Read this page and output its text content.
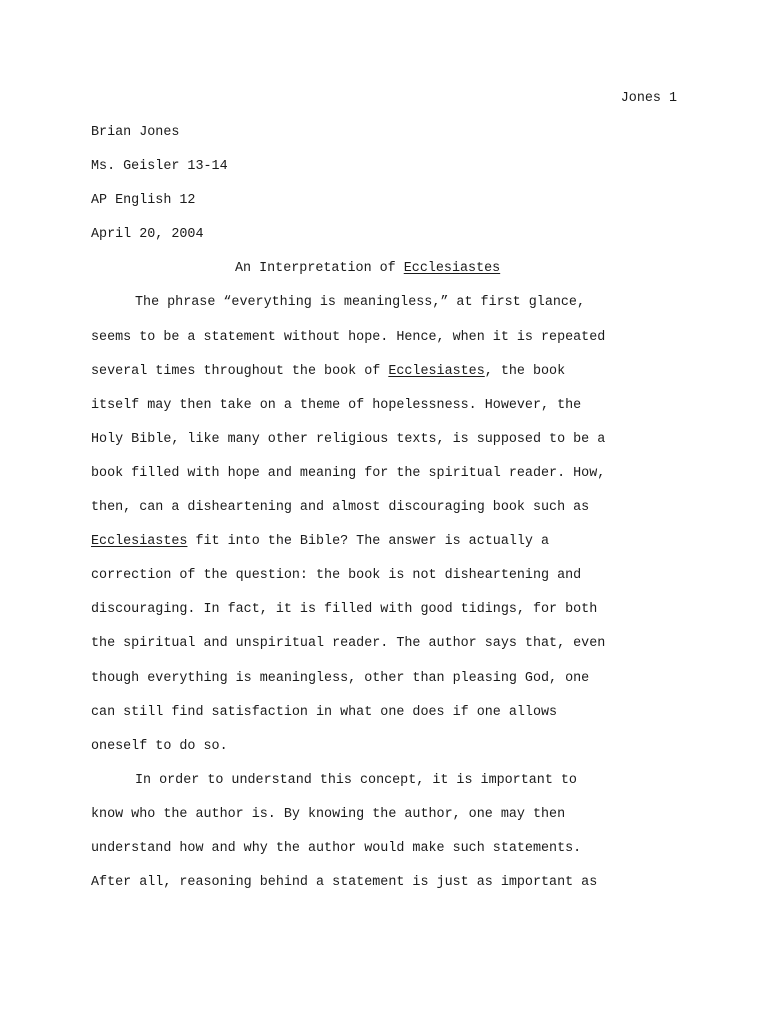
Jones 1
Brian Jones
Ms. Geisler 13-14
AP English 12
April 20, 2004
An Interpretation of Ecclesiastes
The phrase “everything is meaningless,” at first glance,
seems to be a statement without hope. Hence, when it is repeated
several times throughout the book of Ecclesiastes, the book
itself may then take on a theme of hopelessness. However, the
Holy Bible, like many other religious texts, is supposed to be a
book filled with hope and meaning for the spiritual reader. How,
then, can a disheartening and almost discouraging book such as
Ecclesiastes fit into the Bible? The answer is actually a
correction of the question: the book is not disheartening and
discouraging. In fact, it is filled with good tidings, for both
the spiritual and unspiritual reader. The author says that, even
though everything is meaningless, other than pleasing God, one
can still find satisfaction in what one does if one allows
oneself to do so.
In order to understand this concept, it is important to
know who the author is. By knowing the author, one may then
understand how and why the author would make such statements.
After all, reasoning behind a statement is just as important as
